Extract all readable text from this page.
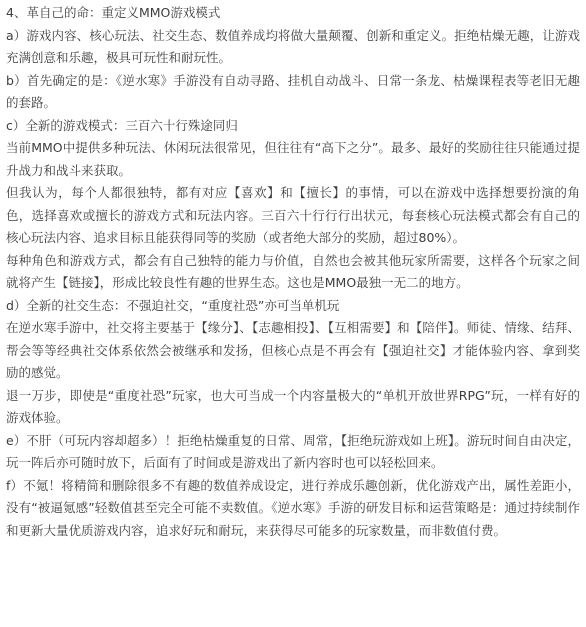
4、革自己的命：重定义MMO游戏模式

a）游戏内容、核心玩法、社交生态、数值养成均将做大量颠覆、创新和重定义。拒绝枯燥无趣，让游戏充满创意和乐趣，极具可玩性和耐玩性。

b）首先确定的是：《逆水寒》手游没有自动寻路、挂机自动战斗、日常一条龙、枯燥课程表等老旧无趣的套路。

c）全新的游戏模式：三百六十行殊途同归

当前MMO中提供多种玩法、休闲玩法很常见，但往往有“高下之分”。最多、最好的奖励往往只能通过提升战力和战斗来获取。

但我认为，每个人都很独特，都有对应【喜欢】和【擅长】的事情，可以在游戏中选择想要扮演的角色，选择喜欢或擅长的游戏方式和玩法内容。三百六十行行行出状元，每套核心玩法模式都会有自己的核心玩法内容、追求目标且能获得同等的奖励（或者绝大部分的奖励，超过80%）。

每种角色和游戏方式，都会有自己独特的能力与价值，自然也会被其他玩家所需要，这样各个玩家之间就将产生【链接】，形成比较良性有趣的世界生态。这也是MMO最独一无二的地方。

d）全新的社交生态：不强迫社交，“重度社恐”亦可当单机玩

在逆水寒手游中，社交将主要基于【缘分】、【志趣相投】、【互相需要】和【陪伴】。师徒、情缘、结拜、帮会等等经典社交体系依然会被继承和发扬，但核心点是不再会有【强迫社交】才能体验内容、拿到奖励的感觉。

退一万步，即使是“重度社恐”玩家，也大可当成一个内容量极大的“单机开放世界RPG”玩，一样有好的游戏体验。

e）不肝（可玩内容却超多）！拒绝枯燥重复的日常、周常，【拒绝玩游戏如上班】。游玩时间自由决定，玩一阵后亦可随时放下，后面有了时间或是游戏出了新内容时也可以轻松回来。

f）不氪！将精简和删除很多不有趣的数值养成设定，进行养成乐趣创新，优化游戏产出，属性差距小，没有“被逼氪感”轻数值甚至完全可能不卖数值。《逆水寒》手游的研发目标和运营策略是：通过持续制作和更新大量优质游戏内容，追求好玩和耐玩，来获得尽可能多的玩家数量，而非数值付费。
